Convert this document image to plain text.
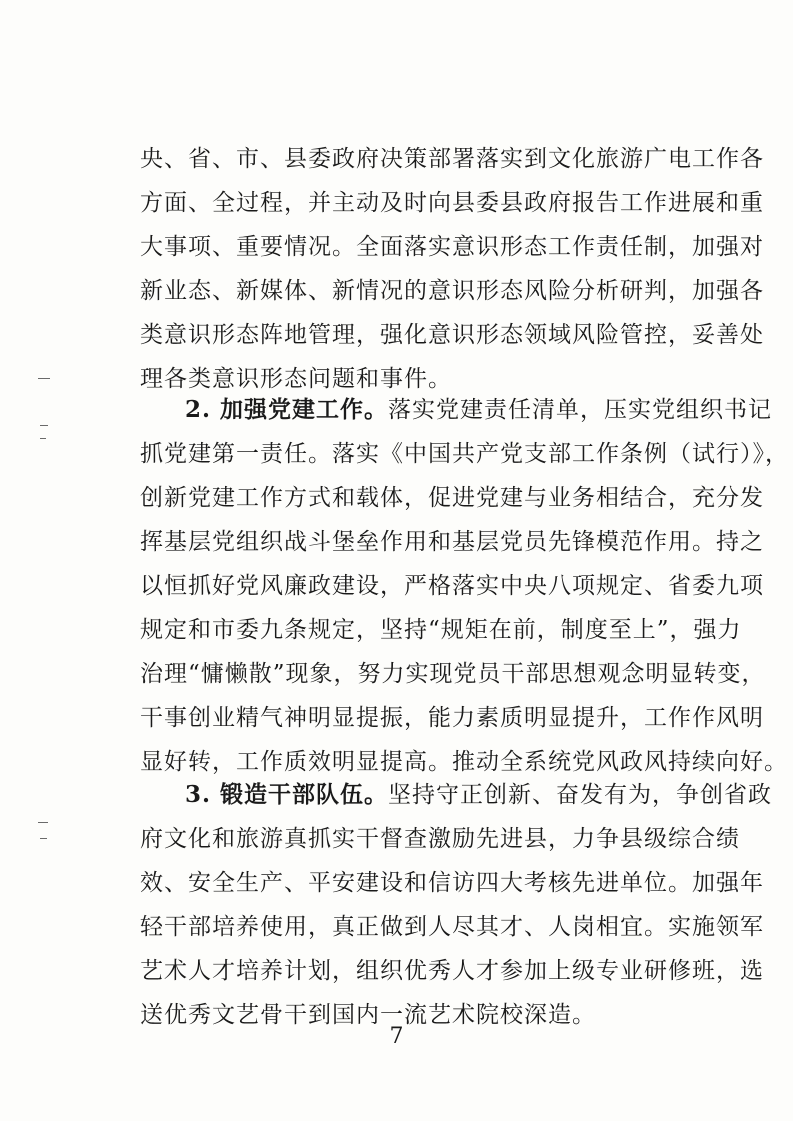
央、省、市、县委政府决策部署落实到文化旅游广电工作各
方面、全过程，并主动及时向县委县政府报告工作进展和重
大事项、重要情况。全面落实意识形态工作责任制，加强对
新业态、新媒体、新情况的意识形态风险分析研判，加强各
类意识形态阵地管理，强化意识形态领域风险管控，妥善处
理各类意识形态问题和事件。
2. 加强党建工作。落实党建责任清单，压实党组织书记
抓党建第一责任。落实《中国共产党支部工作条例（试行）》，
创新党建工作方式和载体，促进党建与业务相结合，充分发
挥基层党组织战斗堡垒作用和基层党员先锋模范作用。持之
以恒抓好党风廉政建设，严格落实中央八项规定、省委九项
规定和市委九条规定，坚持“规矩在前，制度至上”，强力
治理“慵懒散”现象，努力实现党员干部思想观念明显转变，
干事创业精气神明显提振，能力素质明显提升，工作作风明
显好转，工作质效明显提高。推动全系统党风政风持续向好。
3. 锻造干部队伍。坚持守正创新、奋发有为，争创省政
府文化和旅游真抓实干督查激励先进县，力争县级综合绩
效、安全生产、平安建设和信访四大考核先进单位。加强年
轻干部培养使用，真正做到人尽其才、人岗相宜。实施领军
艺术人才培养计划，组织优秀人才参加上级专业研修班，选
送优秀文艺骨干到国内一流艺术院校深造。
7
